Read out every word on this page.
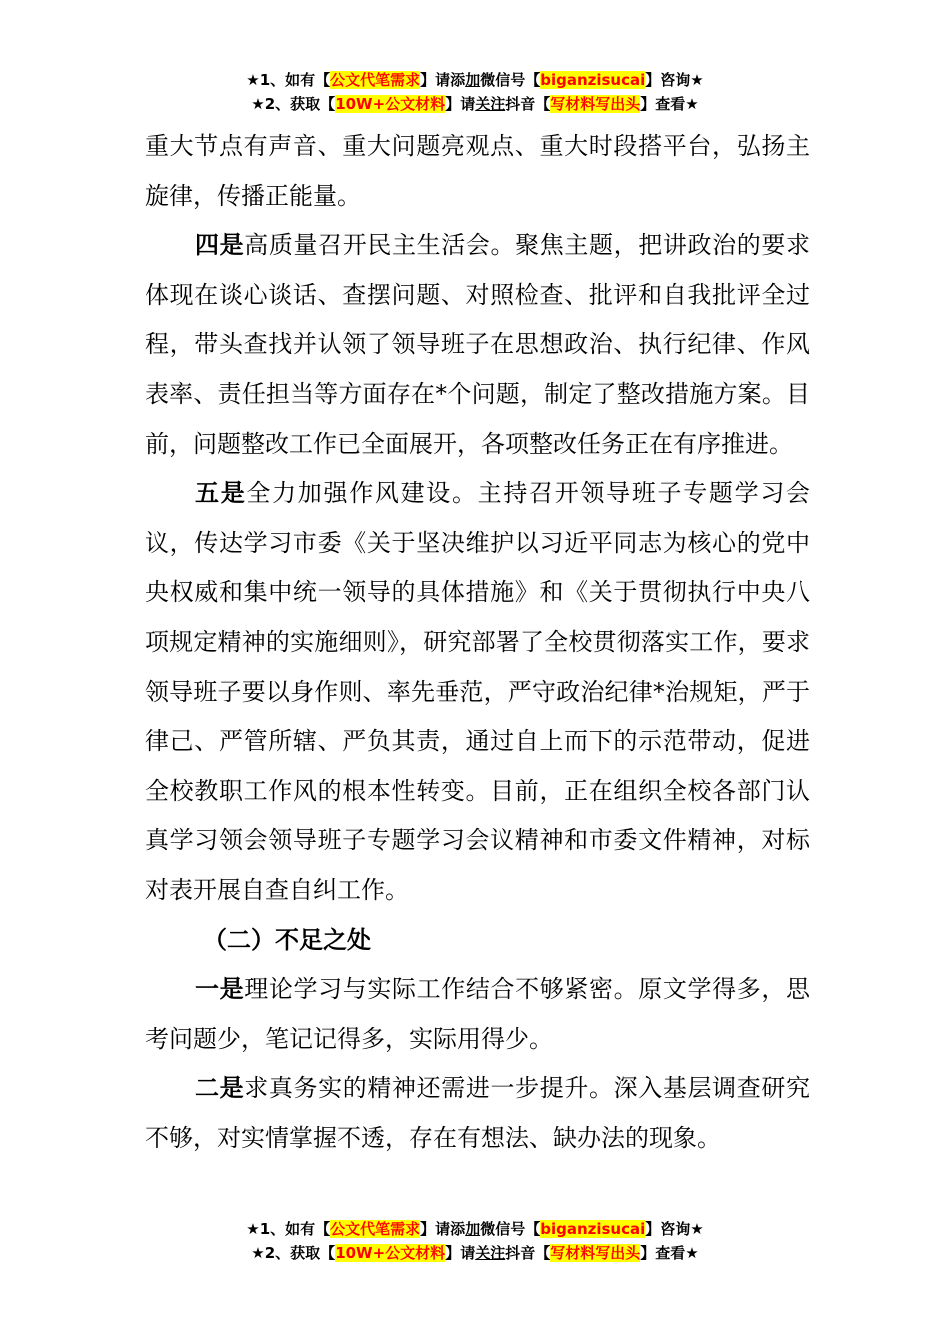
★1、如有【公文代笔需求】请添加微信号【biganzisucai】咨询★
★2、获取【10W+公文材料】请关注抖音【写材料写出头】查看★

重大节点有声音、重大问题亮观点、重大时段搭平台，弘扬主旋律，传播正能量。

四是高质量召开民主生活会。聚焦主题，把讲政治的要求体现在谈心谈话、查摆问题、对照检查、批评和自我批评全过程，带头查找并认领了领导班子在思想政治、执行纪律、作风表率、责任担当等方面存在*个问题，制定了整改措施方案。目前，问题整改工作已全面展开，各项整改任务正在有序推进。

五是全力加强作风建设。主持召开领导班子专题学习会议，传达学习市委《关于坚决维护以习近平同志为核心的党中央权威和集中统一领导的具体措施》和《关于贯彻执行中央八项规定精神的实施细则》，研究部署了全校贯彻落实工作，要求领导班子要以身作则、率先垂范，严守政治纪律*治规矩，严于律己、严管所辖、严负其责，通过自上而下的示范带动，促进全校教职工作风的根本性转变。目前，正在组织全校各部门认真学习领会领导班子专题学习会议精神和市委文件精神，对标对表开展自查自纠工作。

（二）不足之处

一是理论学习与实际工作结合不够紧密。原文学得多，思考问题少，笔记记得多，实际用得少。

二是求真务实的精神还需进一步提升。深入基层调查研究不够，对实情掌握不透，存在有想法、缺办法的现象。

★1、如有【公文代笔需求】请添加微信号【biganzisucai】咨询★
★2、获取【10W+公文材料】请关注抖音【写材料写出头】查看★
